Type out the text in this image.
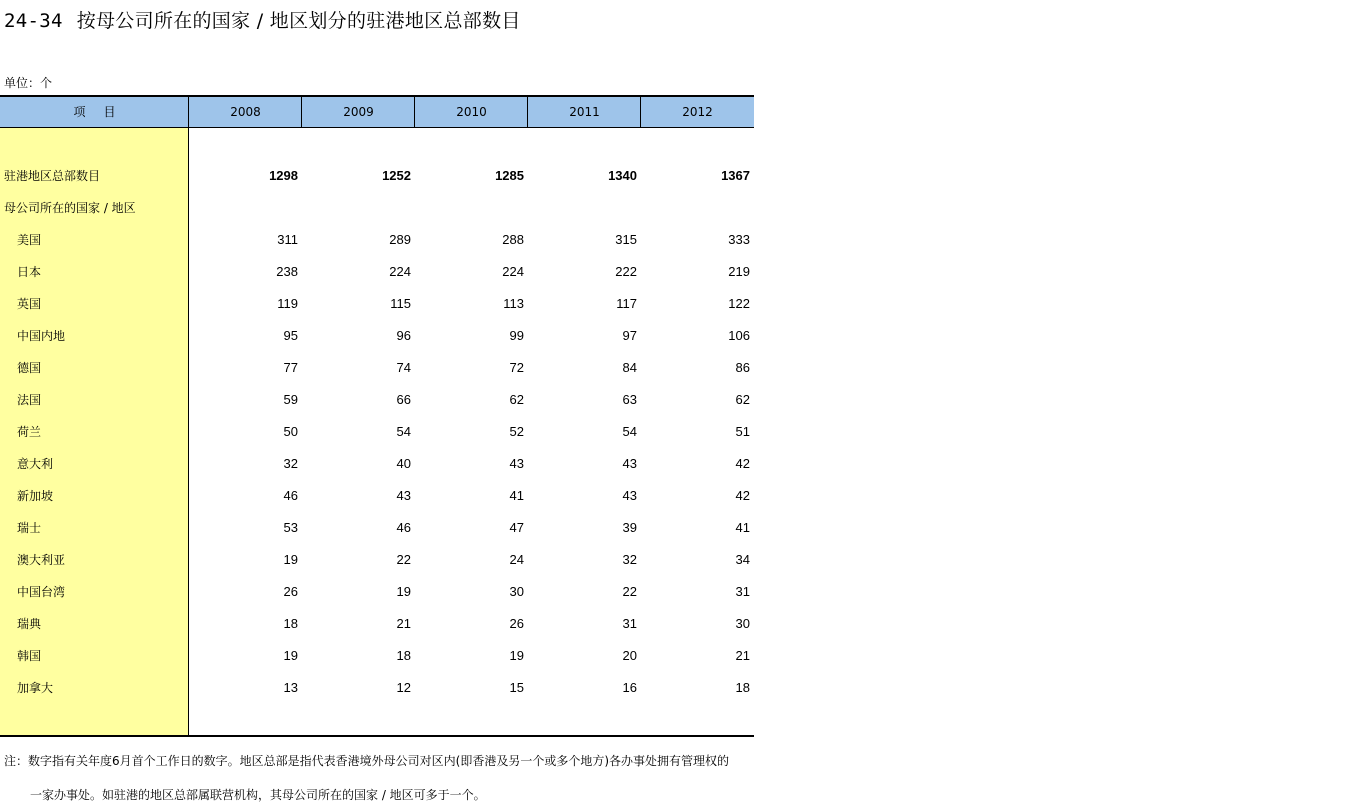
24-34 按母公司所在的国家 / 地区划分的驻港地区总部数目
单位：个
项目	2008	2009	2010	2011	2012
驻港地区总部数目	1298	1252	1285	1340	1367
母公司所在的国家 / 地区
美国	311	289	288	315	333
日本	238	224	224	222	219
英国	119	115	113	117	122
中国内地	95	96	99	97	106
德国	77	74	72	84	86
法国	59	66	62	63	62
荷兰	50	54	52	54	51
意大利	32	40	43	43	42
新加坡	46	43	41	43	42
瑞士	53	46	47	39	41
澳大利亚	19	22	24	32	34
中国台湾	26	19	30	22	31
瑞典	18	21	26	31	30
韩国	19	18	19	20	21
加拿大	13	12	15	16	18
注：数字指有关年度6月首个工作日的数字。地区总部是指代表香港境外母公司对区内(即香港及另一个或多个地方)各办事处拥有管理权的
一家办事处。如驻港的地区总部属联营机构，其母公司所在的国家 / 地区可多于一个。
